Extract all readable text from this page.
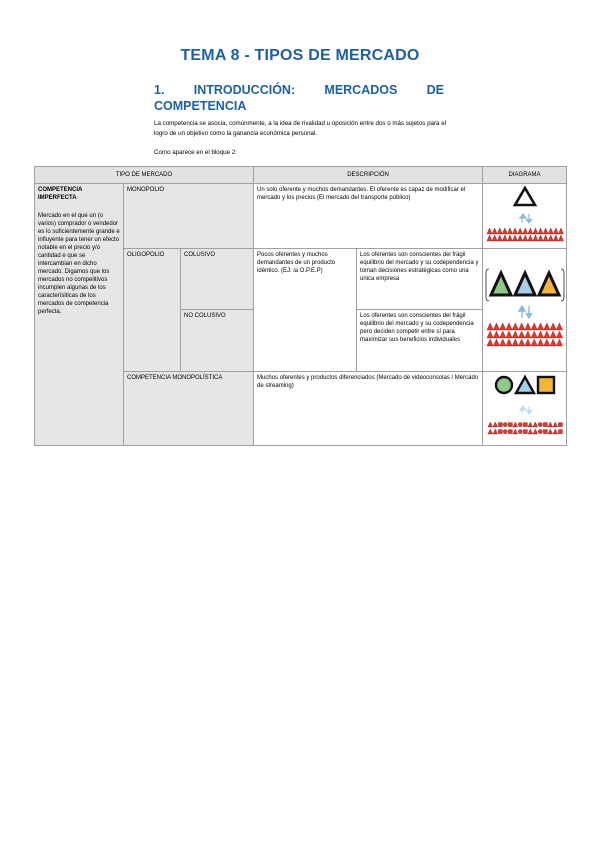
TEMA 8 - TIPOS DE MERCADO
1. INTRODUCCIÓN: MERCADOS DE
COMPETENCIA
La competencia se asocia, comúnmente, a la idea de rivalidad u oposición entre dos o más sujetos para el logro de un objetivo como la ganancia económica personal.
Como aparece en el bloque 2:
TIPO DE MERCADO			DESCRIPCIÓN		DIAGRAMA

COMPETENCIA IMPERFECTA
Mercado en el que un (o varios) comprador o vendedor es lo suficientemente grande e influyente para tener un efecto notable en el precio y/o cantidad e que se intercambian en dicho mercado. Digamos que los mercados no compelitivos incumplen algunas de los caracterísiticas de los mercados de competencia perfecta.	MONOPOLIO		Un solo oferente y muchos demandantes. El oferente es capaz de modificar el mercado y los precios (El mercado del transporte público)	

	OLIGOPOLIO	COLUSIVO	Pocos oferentes y muchos demandantes de un producto idéntico. (EJ: la O.P.E.P)	Los oferentes son conscientes del frágil equilibrio del mercado y su codependencia y toman decisiones estratégicas como una única empresa	

		NO COLUSIVO		Los oferentes son conscientes del frágil equilibrio del mercado y su codependencia pero deciden competir entre sí para maximizar sus beneficios individuales	
	COMPETENCIA MONOPOLÍSTICA		Muchos oferentes y productos diferenciados (Mercado de videoconsolas / Mercado de streaming)	
